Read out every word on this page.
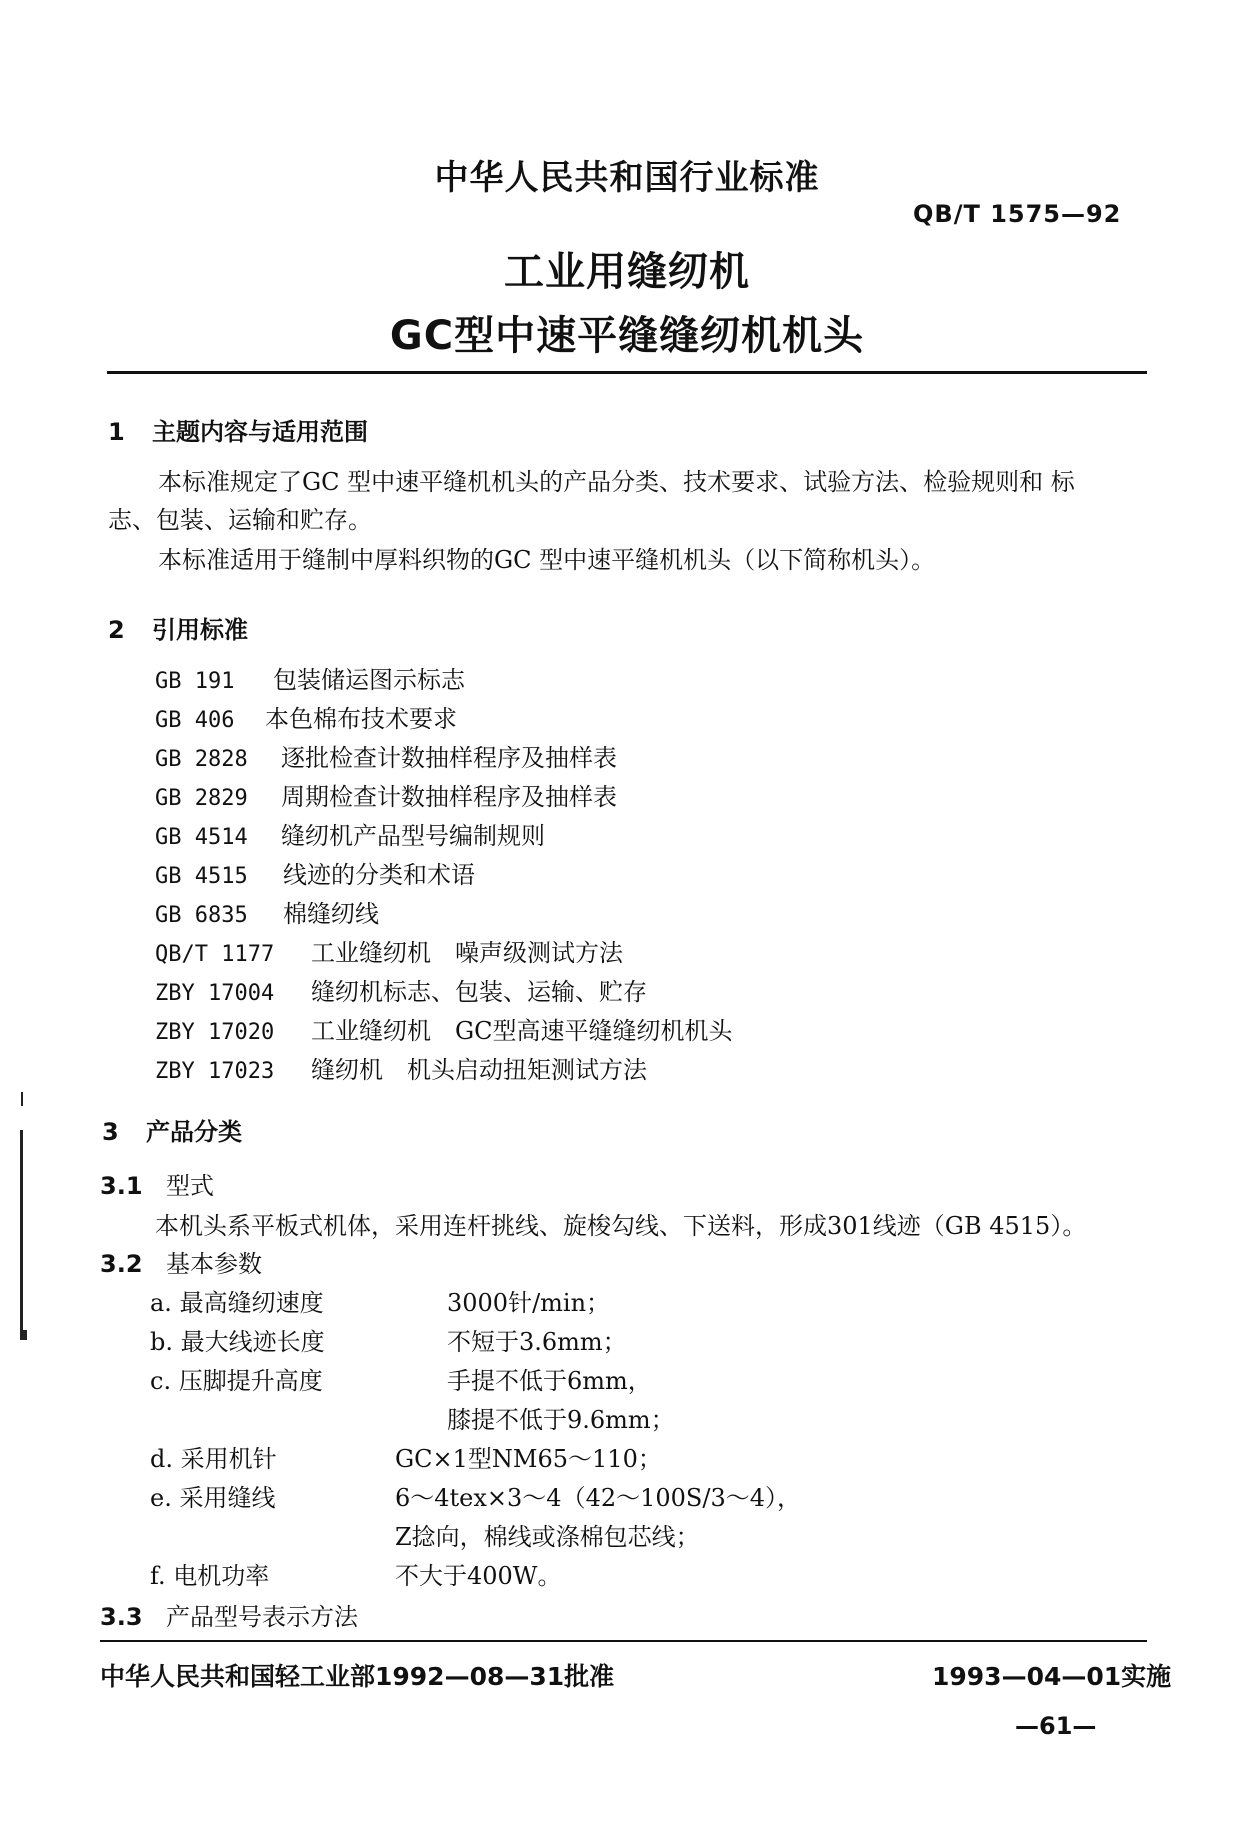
中华人民共和国行业标准
QB/T 1575—92
工业用缝纫机
GC型中速平缝缝纫机机头
1 主题内容与适用范围
本标准规定了GC 型中速平缝机机头的产品分类、技术要求、试验方法、检验规则和 标
志、包装、运输和贮存。
本标准适用于缝制中厚料织物的GC 型中速平缝机机头（以下简称机头）。
2 引用标准
GB 191 包装储运图示标志
GB 406 本色棉布技术要求
GB 2828 逐批检查计数抽样程序及抽样表
GB 2829 周期检查计数抽样程序及抽样表
GB 4514 缝纫机产品型号编制规则
GB 4515 线迹的分类和术语
GB 6835 棉缝纫线
QB/T 1177 工业缝纫机　噪声级测试方法
ZBY 17004 缝纫机标志、包装、运输、贮存
ZBY 17020 工业缝纫机　GC型高速平缝缝纫机机头
ZBY 17023 缝纫机　机头启动扭矩测试方法
3 产品分类
3.1 型式
本机头系平板式机体，采用连杆挑线、旋梭勾线、下送料，形成301线迹（GB 4515）。
3.2 基本参数
a. 最高缝纫速度	3000针/min；
b. 最大线迹长度	不短于3.6mm；
c. 压脚提升高度	手提不低于6mm，
膝提不低于9.6mm；
d. 采用机针	GC×1型NM65～110；
e. 采用缝线	6～4tex×3～4（42～100S/3～4），
Z捻向，棉线或涤棉包芯线；
f. 电机功率	不大于400W。
3.3 产品型号表示方法
中华人民共和国轻工业部1992—08—31批准	1993—04—01实施
—61—
